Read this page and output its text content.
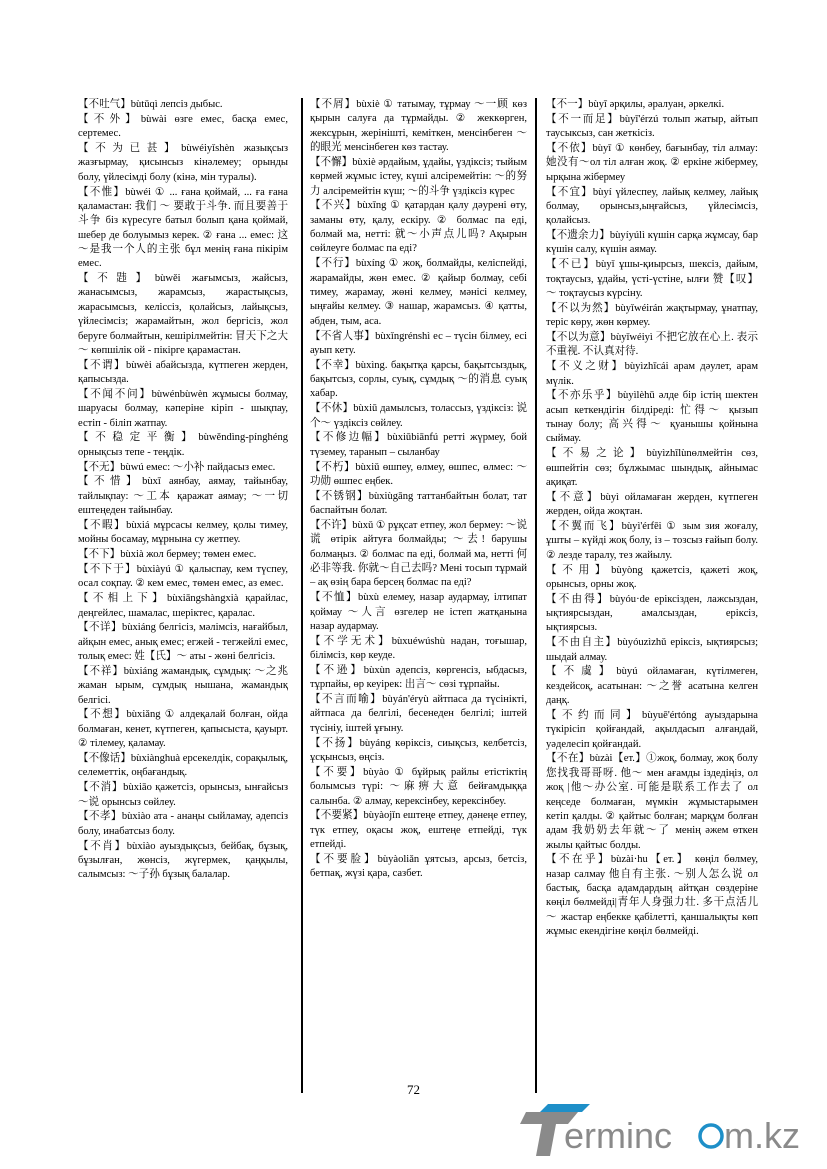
【不吐气】bùtǔqì лепсіз дыбыс.
【不外】bùwài өзге емес, басқа емес, сертемес.
【不为已甚】bùwéiyǐshèn жазықсыз жазғырмау, қисынсыз кінәлемеу; орынды болу, үйлесімді болу (кінә, мін туралы).
【不惟】bùwéi ① ... ғана қоймай, ... ға ғана қаламастан: 我们 ～ 要敢于斗争. 而且要善于斗争 біз күресуге батыл болып қана қоймай, шебер де болуымыз керек. ② ғана ... емес: 这～是我一个人的主张 бұл менің ғана пікірім емес.
【不韪】bùwěi жағымсыз, жайсыз, жанасымсыз, жарамсыз, жарастықсыз, жарасымсыз, келіссіз, қолайсыз, лайықсыз, үйлесімсіз; жарамайтын, жол бергісіз, жол беруге болмайтын, кешірілмейтін: 冒天下之大～ көпшілік ой - пікірге қарамастан.
【不谓】bùwèi абайсызда, күтпеген жерден, қапысызда.
【不闻不问】bùwénbùwèn жұмысы болмау, шаруасы болмау, кәперіне кіріп - шықпау, естіп - біліп жатпау.
【不稳定平衡】bùwěndìng-pínghéng орнықсыз тепе - теңдік.
【不无】bùwú емес: ～小补 пайдасыз емес.
【不惜】bùxī аянбау, аямау, тайынбау, тайлықпау: ～工本 қаражат аямау; ～一切 ештеңеден тайынбау.
【不暇】bùxiá мұрсасы келмеу, қолы тимеу, мойны босамау, мұрнына су жетпеу.
【不下】bùxià жол бермеу; төмен емес.
【不下于】bùxiàyú ① қалыспау, кем түспеу, осал соқпау. ② кем емес, төмен емес, аз емес.
【不相上下】bùxiāngshàngxià қарайлас, деңгейлес, шамалас, шеріктес, қаралас.
【不详】bùxiáng белгісіз, мәлімсіз, нағайбыл, айқын емес, анық емес; егжей - тегжейлі емес, толық емес: 姓【氏】～ аты - жөні белгісіз.
【不祥】bùxiáng жамандық, сұмдық: ～之兆 жаман ырым, сұмдық нышана, жамандық белгісі.
【不想】bùxiǎng ① алдеқалай болған, ойда болмаған, кенет, күтпеген, қапысыста, қауырт. ② тілемеу, қаламау.
【不像话】bùxiànghuà ерсекелдік, сорақылық, селеметтік, оңбағандық.
【不消】bùxiāo қажетсіз, орынсыз, ынғайсыз ～说 орынсыз сөйлеу.
【不孝】bùxiào ата - анаңы сыйламау, әдепсіз болу, инабатсыз болу.
【不肖】bùxiào ауыздықсыз, бейбақ, бұзық, бұзылған, жөнсіз, жүгермек, қаңқылы, салымсыз: ～子孙 бұзық балалар.
【不屑】bùxiè ① татымау, тұрмау ～一顾 көз қырын салуға да тұрмайды. ② жеккөрген, жексұрын, жерініштi, кемiткен, менсiнбеген ～的眼光 менсiнбеген көз тастау.
【不懈】bùxiè әрдайым, ұдайы, үздіксіз; тыйым көрмей жұмыс істеу, күші алсiремейтiн: ～的努力 алсiремейтiн күш; ～的斗争 үздiксiз күрес
【不兴】bùxīng ① қатардан қалу дәурені өту, заманы өту, қалу, ескіру. ② болмас па еді, болмай ма, нетті: 就～小声点儿吗? Ақырын сөйлеуге болмас па еді?
【不行】bùxíng ① жоқ, болмайды, келіспейді, жарамайды, жөн емес. ② қайыр болмау, себі тимеу, жарамау, жөні келмеу, мәнісі келмеу, ыңғайы келмеу. ③ нашар, жарамсыз. ④ қатты, әбден, тым, аса.
【不省人事】bùxǐngrénshì ес – түсін білмеу, есі ауып кету.
【不幸】bùxìng. бақытқа қарсы, бақытсыздық, бақытсыз, сорлы, суық, сұмдық ～的消息 суық хабар.
【不休】bùxiū дамылсыз, толассыз, үздіксіз: 说个～ үздiксiз сөйлеу.
【不修边幅】bùxiūbiānfú реттi жүрмеу, бой түземеу, таранып – сыланбау
【不朽】bùxiǔ өшпеу, өлмеу, өшпес, өлмес: ～功勋 өшпес еңбек.
【不锈钢】bùxiùgāng таттанбайтын болат, тат баспайтын болат.
【不许】bùxǔ ① рұқсат етпеу, жол бермеу: ～说谎 өтiрiк айтуға болмайды; ～去! барушы болмаңыз. ② болмас па еді, болмай ма, нетті 何必非等我. 你就～自己去吗? Менi тосып тұрмай – ақ өзiң бара берсең болмас па едi?
【不恤】bùxù елемеу, назар аудармау, iлтипат қоймау ～人言 өзгелер не iстеп жатқанына назар аудармау.
【不学无术】bùxuéwúshù надан, тоғышар, бiлiмсiз, көр кеуде.
【不逊】bùxùn әдепсiз, көргенсiз, ыбдасыз, тұрпайы, өр кеуiрек: 出言～ сөзi тұрпайы.
【不言而喻】bùyán'éryù айтпаса да түсiнiктi, айтпаса да белгiлi, бесенеден белгiлi; iштей түсiнiу, iштей ұғыну.
【不扬】bùyáng көрiксiз, сиықсыз, келбетсiз, ұсқынсыз, өңсiз.
【不要】bùyào ① бұйрық райлы етiстiктiң болымсыз түрi: ～麻痹大意 бейғамдыққа салынба. ② алмау, керексiнбеу, керексiнбеу.
【不要紧】bùyàojǐn ештеңе етпеу, дәнеңе етпеу, түк етпеу, оқасы жоқ, ештеңе етпейдi, түк етпейдi.
【不要脸】bùyàoliǎn ұятсыз, арсыз, бетсiз, бетпақ, жүзi қара, сазбет.
【不一】bùyī әрқилы, әралуан, әркелкi.
【不一而足】bùyī'érzú толып жатыр, айтып таусыксыз, сан жеткiсiз.
【不依】bùyī ① көнбеу, бағынбау, тiл алмау: 她没有～ол тiл алған жоқ. ② еркiне жiбермеу, ырқына жiбермеу
【不宜】bùyí үйлеспеу, лайық келмеу, лайық болмау, орынсыз,ыңғайсыз, үйлесiмсiз, қолайсыз.
【不遗余力】bùyíyúlì күшiн сарқа жұмсау, бар күшiн салу, күшiн аямау.
【不已】bùyǐ ұшы-қиырсыз, шексiз, дайым, тоқтаусыз, ұдайы, үстi-үстiне, ылғи 赞【叹】～ тоқтаусыз күрсiну.
【不以为然】bùyǐwéirán жақтырмау, ұнатпау, терiс көру, жөн көрмеу.
【不以为意】bùyǐwéiyì 不把它放在心上. 表示不重视. 不认真对待.
【不义之财】bùyìzhīcái арам дәулет, арам мүлiк.
【不亦乐乎】bùyìlèhū әлде бiр iстiң шектен асып кеткендiгiн бiлдiредi: 忙得～ қызып тынау болу; 高兴得～ қуанышы қойнына сыймау.
【不易之论】bùyìzhīlùnөлмейтiн сөз, өшпейтiн сөз; бұлжымас шындық, айнымас ақиқат.
【不意】bùyì ойламаған жерден, күтпеген жерден, ойда жоқтан.
【不翼而飞】bùyì'érfēi ① зым зия жоғалу, ұшты – күйдi жоқ болу, iз – тозсыз ғайып болу. ② лезде таралу, тез жайылу.
【不用】bùyòng қажетсiз, қажетi жоқ, орынсыз, орны жоқ.
【不由得】bùyóu·de ерiксiзден, лажсыздан, ықтиярсыздан, амалсыздан, ерiксiз, ықтиярсыз.
【不由自主】bùyóuzìzhǔ ерiксiз, ықтиярсыз; шыдай алмау.
【不虞】bùyú ойламаған, күтiлмеген, кездейсоқ, асатынан: ～之誉 асатына келген даңқ.
【不约而同】bùyuē'értóng ауыздарына түкiрiсiп қойғандай, ақылдасып алғандай, уәделесiп қойғандай.
【不在】bùzài【ет.】①жоқ, болмау, жоқ болу 您找我哥哥呀. 他～ мен ағамды iздедiңiз, ол жоқ |他～办公室. 可能是联系工作去了 ол кеңседе болмаған, мүмкiн жұмыстарымен кетiп қалды. ② қайтыс болған; марқұм болған адам 我奶奶去年就～了 менiң әжем өткен жылы қайтыс болды.
【不在乎】bùzài·hu【ет.】 көңiл бөлмеу, назар салмау 他自有主张. ～别人怎么说 ол бастық, басқа адамдардың айтқан сөздерiне көңiл бөлмейдi|青年人身强力壮. 多干点活儿～ жастар еңбекке қабiлеттi, қаншалықты көп жұмыс екендiгiне көңiл бөлмейдi.
72
erminc m.kz
